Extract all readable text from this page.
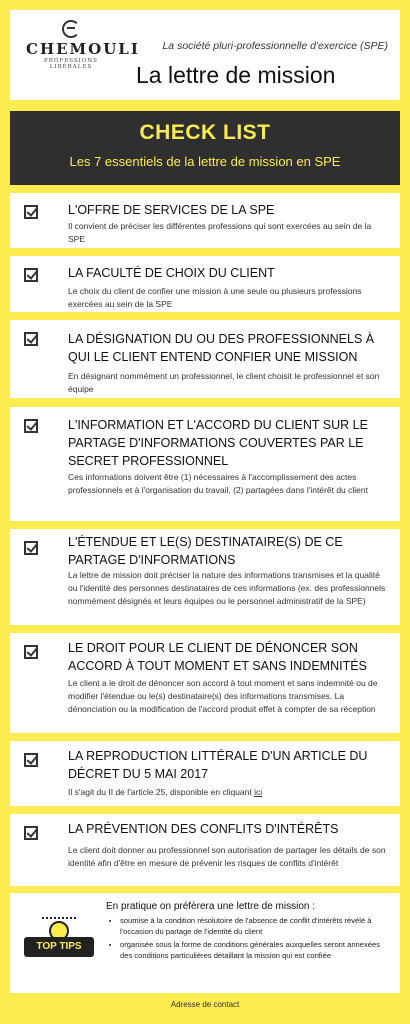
CHEMOULI
PROFESSIONS LIBÉRALES
La société pluri-professionnelle d'exercice (SPE)
La lettre de mission
CHECK LIST
Les 7 essentiels de la lettre de mission en SPE
L'OFFRE DE SERVICES DE LA SPE
Il convient de préciser les différentes professions qui sont exercées au sein de la SPE
LA FACULTÉ DE CHOIX DU CLIENT
Le choix du client de confier une mission à une seule ou plusieurs professions exercées au sein de la SPE
LA DÉSIGNATION DU OU DES PROFESSIONNELS À QUI LE CLIENT ENTEND CONFIER UNE MISSION
En désignant nommément un professionnel, le client choisit le professionnel et son équipe
L'INFORMATION ET L'ACCORD DU CLIENT SUR LE PARTAGE D'INFORMATIONS COUVERTES PAR LE SECRET PROFESSIONNEL
Ces informations doivent être (1) nécessaires à l'accomplissement des actes professionnels et à l'organisation du travail, (2) partagées dans l'intérêt du client
L'ÉTENDUE ET LE(S) DESTINATAIRE(S) DE CE PARTAGE D'INFORMATIONS
La lettre de mission doit préciser la nature des informations transmises et la qualité ou l'identité des personnes destinataires de ces informations (ex. des professionnels nommément désignés et leurs équipes ou le personnel administratif de la SPE)
LE DROIT POUR LE CLIENT DE DÉNONCER SON ACCORD À TOUT MOMENT ET SANS INDEMNITÉS
Le client a le droit de dénoncer son accord à tout moment et sans indemnité ou de modifier l'étendue ou le(s) destinataire(s) des informations transmises. La dénonciation ou la modification de l'accord produit effet à compter de sa réception
LA REPRODUCTION LITTÉRALE D'UN ARTICLE DU DÉCRET DU 5 MAI 2017
Il s'agit du II de l'article 25, disponible en cliquant ici
LA PRÉVENTION DES CONFLITS D'INTÉRÊTS
Le client doit donner au professionnel son autorisation de partager les détails de son identité afin d'être en mesure de prévenir les risques de conflits d'intérêt
TOP TIPS
En pratique on préfèrera une lettre de mission :
• soumise à la condition résolutoire de l'absence de conflit d'intérêts révélé à l'occasion du partage de l'identité du client
• organisée sous la forme de conditions générales auxquelles seront annexées des conditions particulières détaillant la mission qui est confiée
Adresse de contact
